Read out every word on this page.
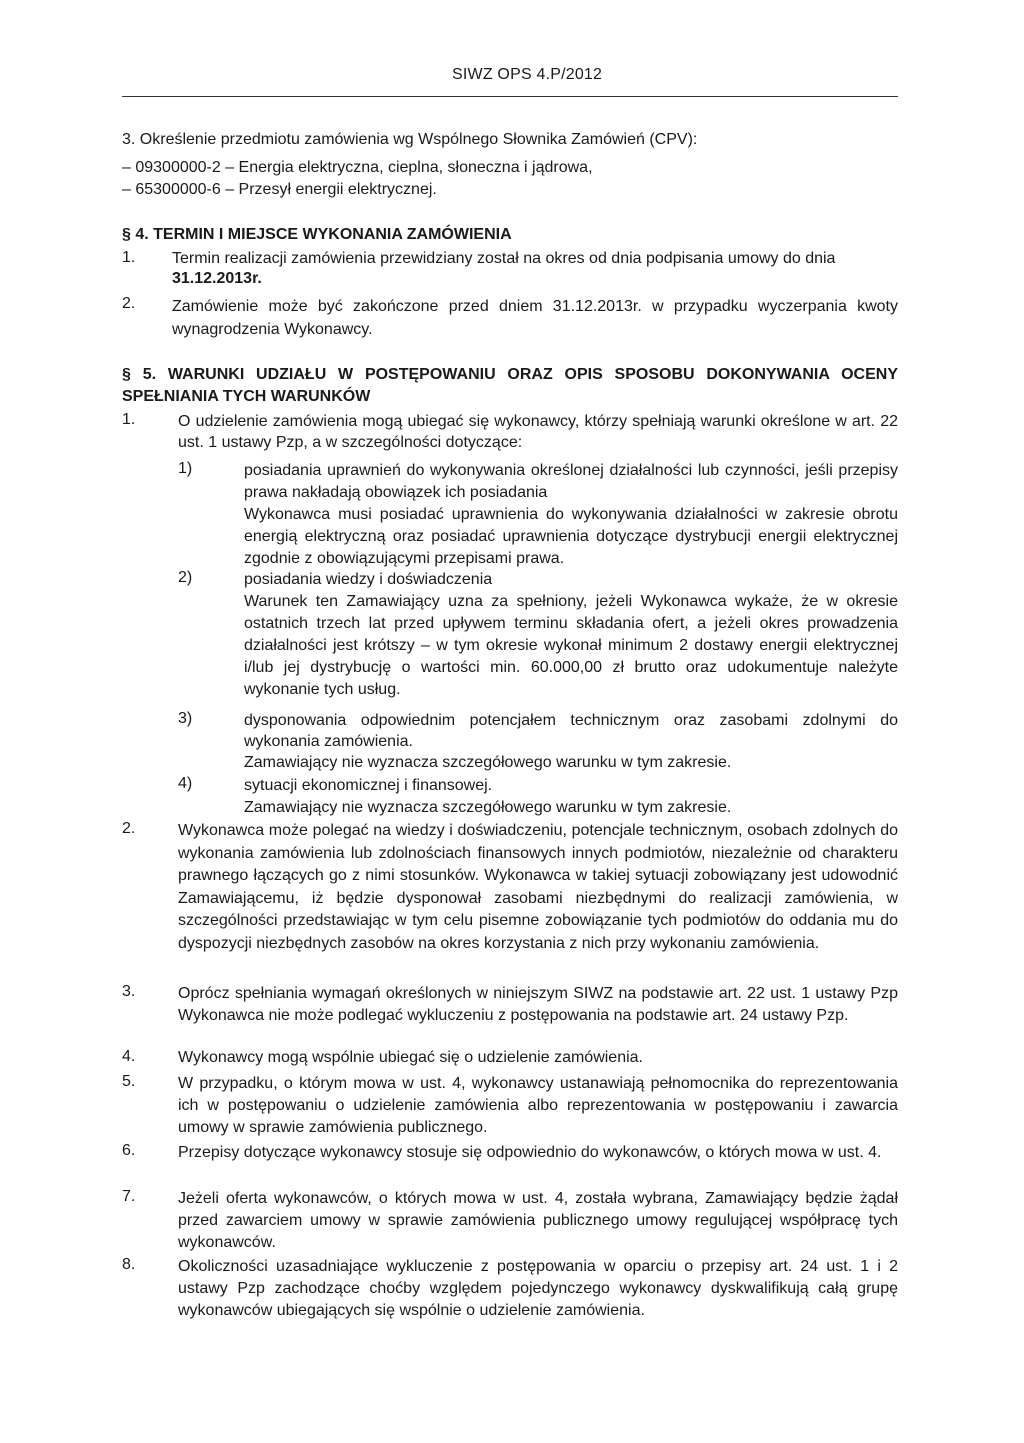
SIWZ OPS 4.P/2012
3. Określenie przedmiotu zamówienia wg Wspólnego Słownika Zamówień (CPV):
– 09300000-2 – Energia elektryczna, cieplna, słoneczna i jądrowa,
– 65300000-6 – Przesył energii elektrycznej.
§ 4. TERMIN I MIEJSCE WYKONANIA ZAMÓWIENIA
1. Termin realizacji zamówienia przewidziany został na okres od dnia podpisania umowy do dnia
31.12.2013r.
2. Zamówienie może być zakończone przed dniem 31.12.2013r. w przypadku wyczerpania kwoty wynagrodzenia Wykonawcy.
§ 5. WARUNKI UDZIAŁU W POSTĘPOWANIU ORAZ OPIS SPOSOBU DOKONYWANIA OCENY SPEŁNIANIA TYCH WARUNKÓW
1.	O udzielenie zamówienia mogą ubiegać się wykonawcy, którzy spełniają warunki określone w art. 22 ust. 1 ustawy Pzp, a w szczególności dotyczące:
1)	posiadania uprawnień do wykonywania określonej działalności lub czynności, jeśli przepisy prawa nakładają obowiązek ich posiadania
Wykonawca musi posiadać uprawnienia do wykonywania działalności w zakresie obrotu energią elektryczną oraz posiadać uprawnienia dotyczące dystrybucji energii elektrycznej zgodnie z obowiązującymi przepisami prawa.
2)	posiadania wiedzy i doświadczenia
Warunek ten Zamawiający uzna za spełniony, jeżeli Wykonawca wykaże, że w okresie ostatnich trzech lat przed upływem terminu składania ofert, a jeżeli okres prowadzenia działalności jest krótszy – w tym okresie wykonał minimum 2 dostawy energii elektrycznej i/lub jej dystrybucję o wartości min. 60.000,00 zł brutto oraz udokumentuje należyte wykonanie tych usług.
3)	dysponowania odpowiednim potencjałem technicznym oraz zasobami zdolnymi do wykonania zamówienia.
Zamawiający nie wyznacza szczegółowego warunku w tym zakresie.
4)	sytuacji ekonomicznej i finansowej.
Zamawiający nie wyznacza szczegółowego warunku w tym zakresie.
2.	Wykonawca może polegać na wiedzy i doświadczeniu, potencjale technicznym, osobach zdolnych do wykonania zamówienia lub zdolnościach finansowych innych podmiotów, niezależnie od charakteru prawnego łączących go z nimi stosunków. Wykonawca w takiej sytuacji zobowiązany jest udowodnić Zamawiającemu, iż będzie dysponował zasobami niezbędnymi do realizacji zamówienia, w szczególności przedstawiając w tym celu pisemne zobowiązanie tych podmiotów do oddania mu do dyspozycji niezbędnych zasobów na okres korzystania z nich przy wykonaniu zamówienia.
3.	Oprócz spełniania wymagań określonych w niniejszym SIWZ na podstawie art. 22 ust. 1 ustawy Pzp Wykonawca nie może podlegać wykluczeniu z postępowania na podstawie art. 24 ustawy Pzp.
4.	Wykonawcy mogą wspólnie ubiegać się o udzielenie zamówienia.
5.	W przypadku, o którym mowa w ust. 4, wykonawcy ustanawiają pełnomocnika do reprezentowania ich w postępowaniu o udzielenie zamówienia albo reprezentowania w postępowaniu i zawarcia umowy w sprawie zamówienia publicznego.
6.	Przepisy dotyczące wykonawcy stosuje się odpowiednio do wykonawców, o których mowa w ust. 4.
7.	Jeżeli oferta wykonawców, o których mowa w ust. 4, została wybrana, Zamawiający będzie żądał przed zawarciem umowy w sprawie zamówienia publicznego umowy regulującej współpracę tych wykonawców.
8.	Okoliczności uzasadniające wykluczenie z postępowania w oparciu o przepisy art. 24 ust. 1 i 2 ustawy Pzp zachodzące choćby względem pojedynczego wykonawcy dyskwalifikują całą grupę wykonawców ubiegających się wspólnie o udzielenie zamówienia.
